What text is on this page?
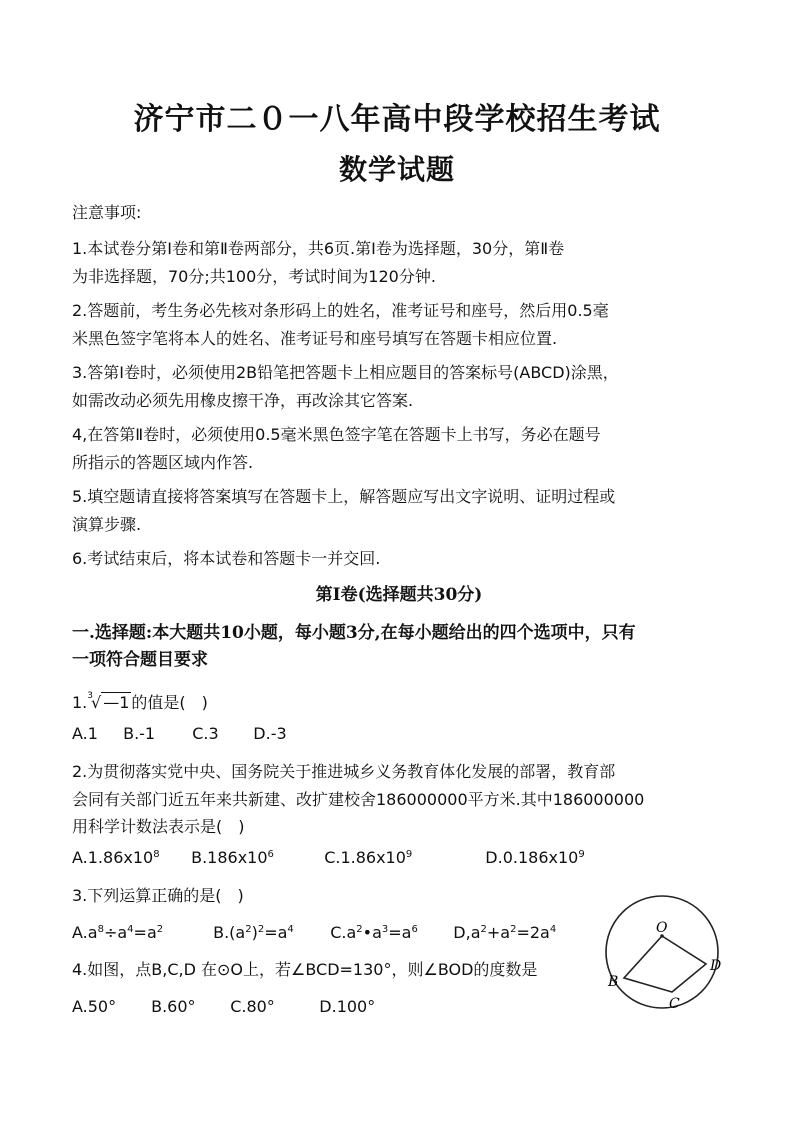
济宁市二０一八年高中段学校招生考试
数学试题
注意事项:
1.本试卷分第Ⅰ卷和第Ⅱ卷两部分，共6页.第Ⅰ卷为选择题，30分，第Ⅱ卷
为非选择题，70分;共100分，考试时间为120分钟.
2.答题前，考生务必先核对条形码上的姓名，准考证号和座号，然后用0.5毫
米黑色签字笔将本人的姓名、准考证号和座号填写在答题卡相应位置.
3.答第Ⅰ卷时，必须使用2B铅笔把答题卡上相应题目的答案标号(ABCD)涂黑，
如需改动必须先用橡皮擦干净，再改涂其它答案.
4,在答第Ⅱ卷时，必须使用0.5毫米黑色签字笔在答题卡上书写，务必在题号
所指示的答题区域内作答.
5.填空题请直接将答案填写在答题卡上，解答题应写出文字说明、证明过程或
演算步骤.
6.考试结束后，将本试卷和答题卡一并交回.
第Ⅰ卷(选择题共30分)
一.选择题:本大题共10小题，每小题3分,在每小题给出的四个选项中，只有
一项符合题目要求
1.$^3$√ —1 的值是(　)
A.1 B.-1 C.3 D.-3
2.为贯彻落实党中央、国务院关于推进城乡义务教育体化发展的部署，教育部
会同有关部门近五年来共新建、改扩建校舍186000000平方米.其中186000000
用科学计数法表示是(　)
A.1.86x108 B.186x106	C.1.86x109	D.0.186x109
3.下列运算正确的是(　)
A.a8÷a4=a2	B.(a2)2=a4 C.a2•a3=a6 D,a2+a2=2a4
4.如图，点B,C,D 在⊙O上，若∠BCD=130°，则∠BOD的度数是
A.50° B.60° C.80°	D.100°
O
B
C
D
